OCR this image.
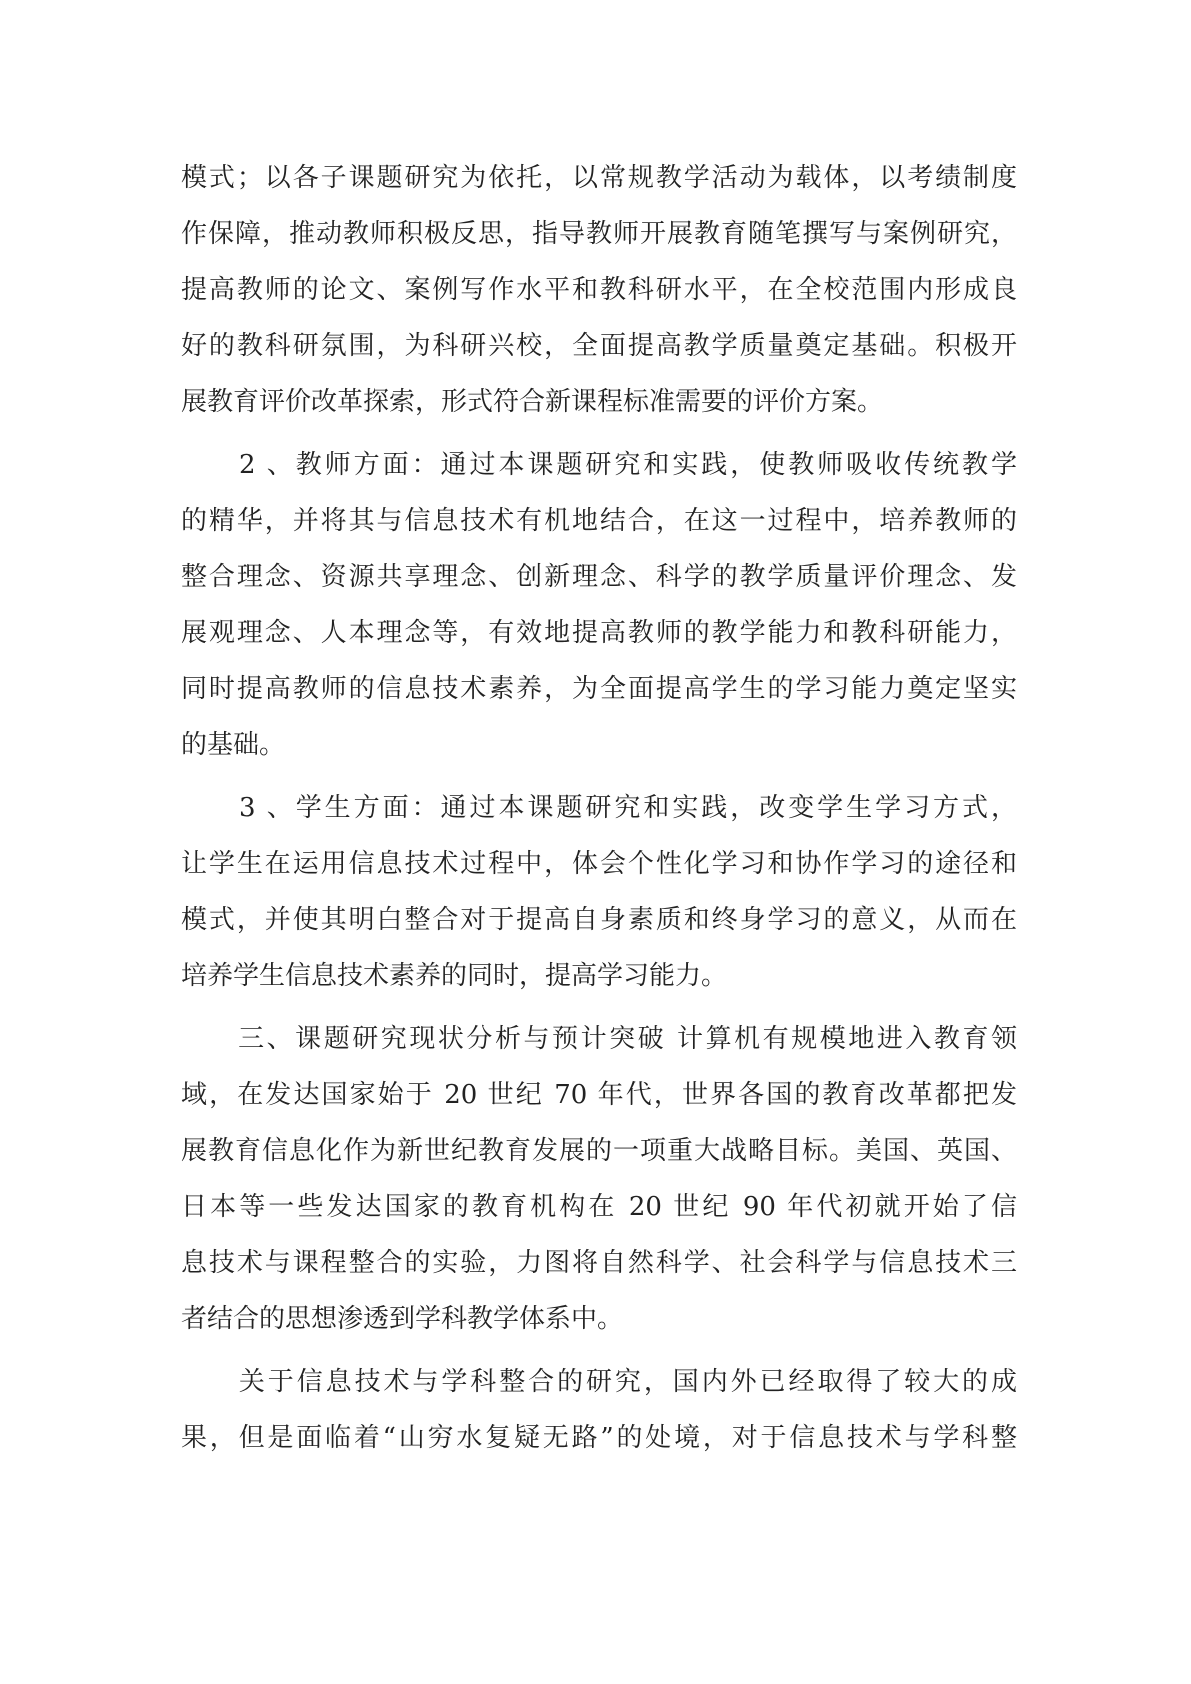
模式；以各子课题研究为依托，以常规教学活动为载体，以考绩制度
作保障，推动教师积极反思，指导教师开展教育随笔撰写与案例研究，
提高教师的论文、案例写作水平和教科研水平，在全校范围内形成良
好的教科研氛围，为科研兴校，全面提高教学质量奠定基础。积极开
展教育评价改革探索，形式符合新课程标准需要的评价方案。
　　2 、教师方面：通过本课题研究和实践，使教师吸收传统教学
的精华，并将其与信息技术有机地结合，在这一过程中，培养教师的
整合理念、资源共享理念、创新理念、科学的教学质量评价理念、发
展观理念、人本理念等，有效地提高教师的教学能力和教科研能力，
同时提高教师的信息技术素养，为全面提高学生的学习能力奠定坚实
的基础。
　　3 、学生方面：通过本课题研究和实践，改变学生学习方式，
让学生在运用信息技术过程中，体会个性化学习和协作学习的途径和
模式，并使其明白整合对于提高自身素质和终身学习的意义，从而在
培养学生信息技术素养的同时，提高学习能力。
　　三、课题研究现状分析与预计突破 计算机有规模地进入教育领
域，在发达国家始于 20 世纪 70 年代，世界各国的教育改革都把发
展教育信息化作为新世纪教育发展的一项重大战略目标。美国、英国、
日本等一些发达国家的教育机构在 20 世纪 90 年代初就开始了信
息技术与课程整合的实验，力图将自然科学、社会科学与信息技术三
者结合的思想渗透到学科教学体系中。
　　关于信息技术与学科整合的研究，国内外已经取得了较大的成
果，但是面临着“山穷水复疑无路”的处境，对于信息技术与学科整
